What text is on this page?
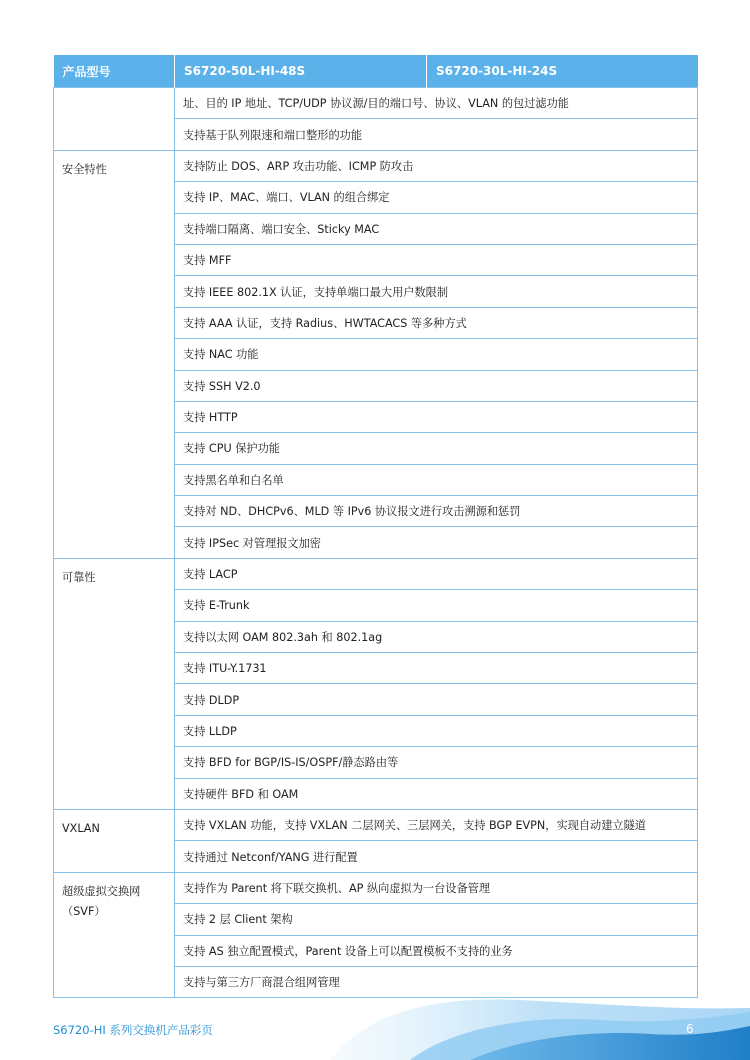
产品型号	S6720-50L-HI-48S	S6720-30L-HI-24S
	址、目的 IP 地址、TCP/UDP 协议源/目的端口号、协议、VLAN 的包过滤功能	
	支持基于队列限速和端口整形的功能	
安全特性	支持防止 DOS、ARP 攻击功能、ICMP 防攻击	
	支持 IP、MAC、端口、VLAN 的组合绑定	
	支持端口隔离、端口安全、Sticky MAC	
	支持 MFF	
	支持 IEEE 802.1X 认证，支持单端口最大用户数限制	
	支持 AAA 认证，支持 Radius、HWTACACS 等多种方式	
	支持 NAC 功能	
	支持 SSH V2.0	
	支持 HTTP	
	支持 CPU 保护功能	
	支持黑名单和白名单	
	支持对 ND、DHCPv6、MLD 等 IPv6 协议报文进行攻击溯源和惩罚	
	支持 IPSec 对管理报文加密	
可靠性	支持 LACP	
	支持 E-Trunk	
	支持以太网 OAM 802.3ah 和 802.1ag	
	支持 ITU-Y.1731	
	支持 DLDP	
	支持 LLDP	
	支持 BFD for BGP/IS-IS/OSPF/静态路由等	
	支持硬件 BFD 和 OAM	
VXLAN	支持 VXLAN 功能，支持 VXLAN 二层网关、三层网关，支持 BGP EVPN，实现自动建立隧道	
	支持通过 Netconf/YANG 进行配置	
超级虚拟交换网（SVF）	支持作为 Parent 将下联交换机、AP 纵向虚拟为一台设备管理	
	支持 2 层 Client 架构	
	支持 AS 独立配置模式，Parent 设备上可以配置模板不支持的业务	
	支持与第三方厂商混合组网管理	
S6720-HI 系列交换机产品彩页	6
